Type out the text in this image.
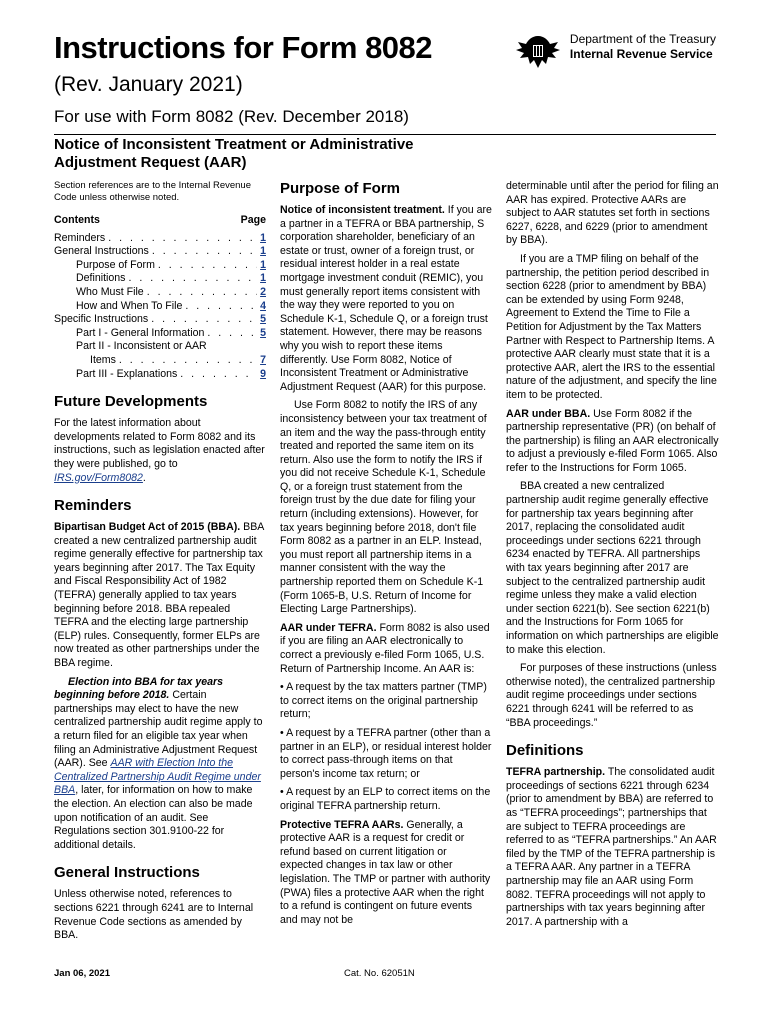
Instructions for Form 8082
(Rev. January 2021)
For use with Form 8082 (Rev. December 2018)
Notice of Inconsistent Treatment or Administrative Adjustment Request (AAR)
Department of the Treasury
Internal Revenue Service

Section references are to the Internal Revenue Code unless otherwise noted.

Contents	Page
Reminders . . .	1
General Instructions . . .	1
Purpose of Form . . .	1
Definitions . . .	1
Who Must File . . .	2
How and When To File . . .	4
Specific Instructions . . .	5
Part I - General Information . . .	5
Part II - Inconsistent or AAR
Items . . .	7
Part III - Explanations . . .	9
Future Developments

For the latest information about developments related to Form 8082 and its instructions, such as legislation enacted after they were published, go to IRS.gov/Form8082.

Reminders

Bipartisan Budget Act of 2015 (BBA). BBA created a new centralized partnership audit regime generally effective for partnership tax years beginning after 2017. The Tax Equity and Fiscal Responsibility Act of 1982 (TEFRA) generally applied to tax years beginning before 2018. BBA repealed TEFRA and the electing large partnership (ELP) rules. Consequently, former ELPs are now treated as other partnerships under the BBA regime.

Election into BBA for tax years beginning before 2018. Certain partnerships may elect to have the new centralized partnership audit regime apply to a return filed for an eligible tax year when filing an Administrative Adjustment Request (AAR). See AAR with Election Into the Centralized Partnership Audit Regime under BBA, later, for information on how to make the election. An election can also be made upon notification of an audit. See Regulations section 301.9100-22 for additional details.

General Instructions

Unless otherwise noted, references to sections 6221 through 6241 are to Internal Revenue Code sections as amended by BBA.

Purpose of Form

Notice of inconsistent treatment. If you are a partner in a TEFRA or BBA partnership, S corporation shareholder, beneficiary of an estate or trust, owner of a foreign trust, or residual interest holder in a real estate mortgage investment conduit (REMIC), you must generally report items consistent with the way they were reported to you on Schedule K-1, Schedule Q, or a foreign trust statement. However, there may be reasons why you wish to report these items differently. Use Form 8082, Notice of Inconsistent Treatment or Administrative Adjustment Request (AAR) for this purpose.

Use Form 8082 to notify the IRS of any inconsistency between your tax treatment of an item and the way the pass-through entity treated and reported the same item on its return. Also use the form to notify the IRS if you did not receive Schedule K-1, Schedule Q, or a foreign trust statement from the foreign trust by the due date for filing your return (including extensions). However, for tax years beginning before 2018, don't file Form 8082 as a partner in an ELP. Instead, you must report all partnership items in a manner consistent with the way the partnership reported them on Schedule K-1 (Form 1065-B, U.S. Return of Income for Electing Large Partnerships).

AAR under TEFRA. Form 8082 is also used if you are filing an AAR electronically to correct a previously e-filed Form 1065, U.S. Return of Partnership Income. An AAR is:

• A request by the tax matters partner (TMP) to correct items on the original partnership return;

• A request by a TEFRA partner (other than a partner in an ELP), or residual interest holder to correct pass-through items on that person's income tax return; or

• A request by an ELP to correct items on the original TEFRA partnership return.

Protective TEFRA AARs. Generally, a protective AAR is a request for credit or refund based on current litigation or expected changes in tax law or other legislation. The TMP or partner with authority (PWA) files a protective AAR when the right to a refund is contingent on future events and may not be

determinable until after the period for filing an AAR has expired. Protective AARs are subject to AAR statutes set forth in sections 6227, 6228, and 6229 (prior to amendment by BBA).

If you are a TMP filing on behalf of the partnership, the petition period described in section 6228 (prior to amendment by BBA) can be extended by using Form 9248, Agreement to Extend the Time to File a Petition for Adjustment by the Tax Matters Partner with Respect to Partnership Items. A protective AAR clearly must state that it is a protective AAR, alert the IRS to the essential nature of the adjustment, and specify the line item to be protected.

AAR under BBA. Use Form 8082 if the partnership representative (PR) (on behalf of the partnership) is filing an AAR electronically to adjust a previously e-filed Form 1065. Also refer to the Instructions for Form 1065.

BBA created a new centralized partnership audit regime generally effective for partnership tax years beginning after 2017, replacing the consolidated audit proceedings under sections 6221 through 6234 enacted by TEFRA. All partnerships with tax years beginning after 2017 are subject to the centralized partnership audit regime unless they make a valid election under section 6221(b). See section 6221(b) and the Instructions for Form 1065 for information on which partnerships are eligible to make this election.

For purposes of these instructions (unless otherwise noted), the centralized partnership audit regime proceedings under sections 6221 through 6241 will be referred to as “BBA proceedings.”

Definitions

TEFRA partnership. The consolidated audit proceedings of sections 6221 through 6234 (prior to amendment by BBA) are referred to as “TEFRA proceedings”; partnerships that are subject to TEFRA proceedings are referred to as “TEFRA partnerships.” An AAR filed by the TMP of the TEFRA partnership is a TEFRA AAR. Any partner in a TEFRA partnership may file an AAR using Form 8082. TEFRA proceedings will not apply to partnerships with tax years beginning after 2017. A partnership with a

Jan 06, 2021	Cat. No. 62051N
